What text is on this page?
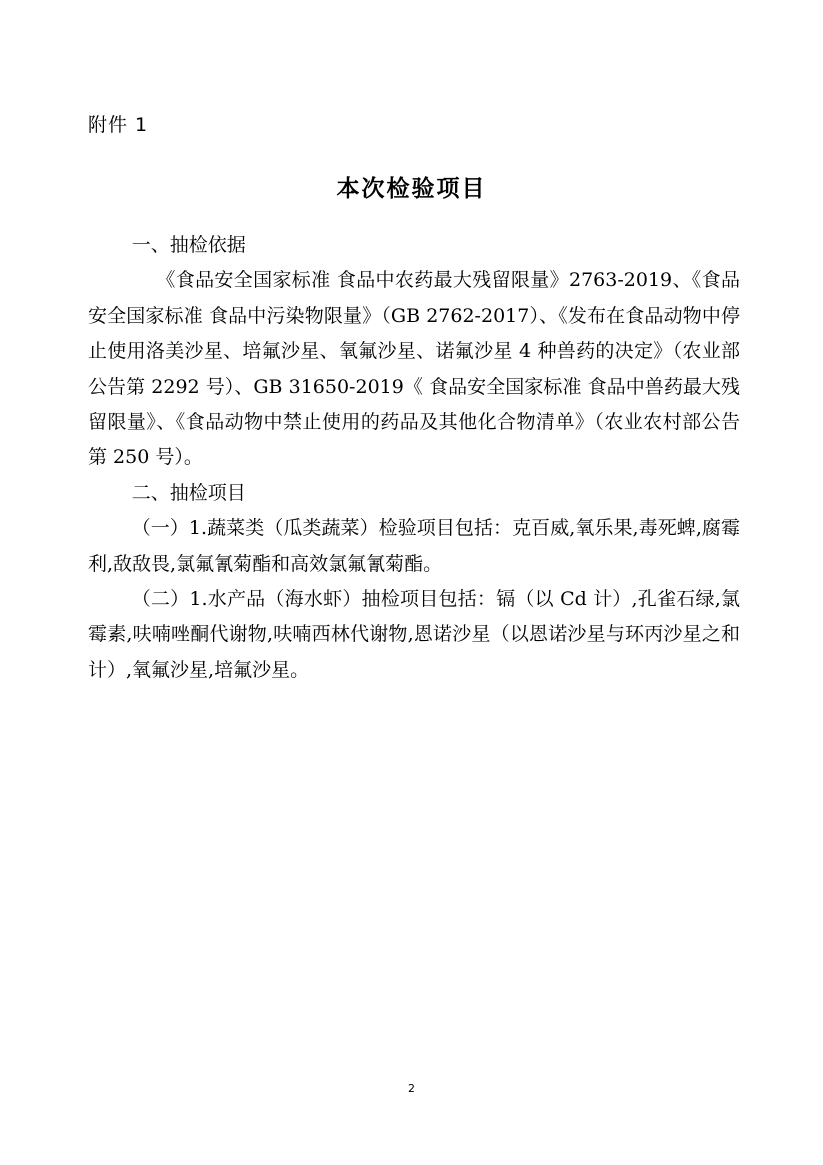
附件 1
本次检验项目

一、抽检依据

《食品安全国家标准 食品中农药最大残留限量》2763-2019、《食品安全国家标准 食品中污染物限量》（GB 2762-2017）、《发布在食品动物中停止使用洛美沙星、培氟沙星、氧氟沙星、诺氟沙星 4 种兽药的决定》（农业部公告第 2292 号）、GB 31650-2019《 食品安全国家标准 食品中兽药最大残留限量》、《食品动物中禁止使用的药品及其他化合物清单》（农业农村部公告第 250 号）。

二、抽检项目

（一）1.蔬菜类（瓜类蔬菜）检验项目包括：克百威,氧乐果,毒死蜱,腐霉利,敌敌畏,氯氟氰菊酯和高效氯氟氰菊酯。

（二）1.水产品（海水虾）抽检项目包括：镉（以 Cd 计）,孔雀石绿,氯霉素,呋喃唑酮代谢物,呋喃西林代谢物,恩诺沙星（以恩诺沙星与环丙沙星之和计）,氧氟沙星,培氟沙星。

2
